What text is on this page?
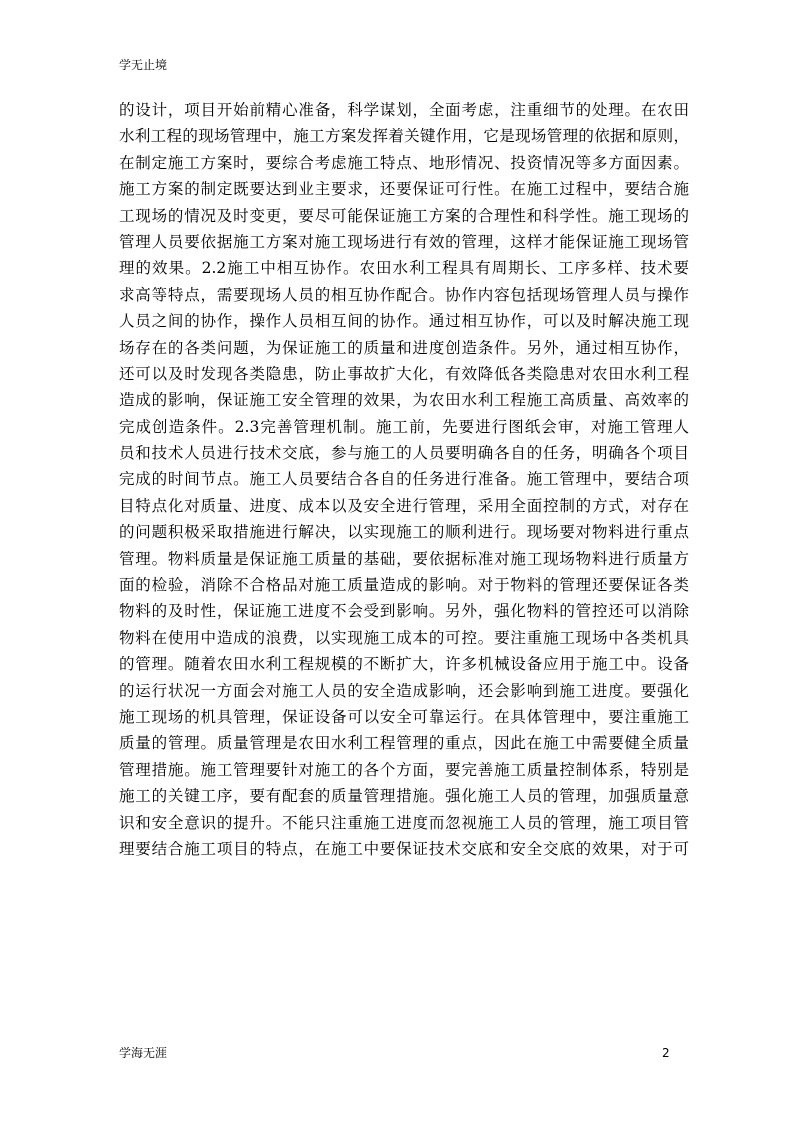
学无止境
的设计，项目开始前精心准备，科学谋划，全面考虑，注重细节的处理。在农田
水利工程的现场管理中，施工方案发挥着关键作用，它是现场管理的依据和原则，
在制定施工方案时，要综合考虑施工特点、地形情况、投资情况等多方面因素。
施工方案的制定既要达到业主要求，还要保证可行性。在施工过程中，要结合施
工现场的情况及时变更，要尽可能保证施工方案的合理性和科学性。施工现场的
管理人员要依据施工方案对施工现场进行有效的管理，这样才能保证施工现场管
理的效果。2.2施工中相互协作。农田水利工程具有周期长、工序多样、技术要
求高等特点，需要现场人员的相互协作配合。协作内容包括现场管理人员与操作
人员之间的协作，操作人员相互间的协作。通过相互协作，可以及时解决施工现
场存在的各类问题，为保证施工的质量和进度创造条件。另外，通过相互协作，
还可以及时发现各类隐患，防止事故扩大化，有效降低各类隐患对农田水利工程
造成的影响，保证施工安全管理的效果，为农田水利工程施工高质量、高效率的
完成创造条件。2.3完善管理机制。施工前，先要进行图纸会审，对施工管理人
员和技术人员进行技术交底，参与施工的人员要明确各自的任务，明确各个项目
完成的时间节点。施工人员要结合各自的任务进行准备。施工管理中，要结合项
目特点化对质量、进度、成本以及安全进行管理，采用全面控制的方式，对存在
的问题积极采取措施进行解决，以实现施工的顺利进行。现场要对物料进行重点
管理。物料质量是保证施工质量的基础，要依据标准对施工现场物料进行质量方
面的检验，消除不合格品对施工质量造成的影响。对于物料的管理还要保证各类
物料的及时性，保证施工进度不会受到影响。另外，强化物料的管控还可以消除
物料在使用中造成的浪费，以实现施工成本的可控。要注重施工现场中各类机具
的管理。随着农田水利工程规模的不断扩大，许多机械设备应用于施工中。设备
的运行状况一方面会对施工人员的安全造成影响，还会影响到施工进度。要强化
施工现场的机具管理，保证设备可以安全可靠运行。在具体管理中，要注重施工
质量的管理。质量管理是农田水利工程管理的重点，因此在施工中需要健全质量
管理措施。施工管理要针对施工的各个方面，要完善施工质量控制体系，特别是
施工的关键工序，要有配套的质量管理措施。强化施工人员的管理，加强质量意
识和安全意识的提升。不能只注重施工进度而忽视施工人员的管理，施工项目管
理要结合施工项目的特点，在施工中要保证技术交底和安全交底的效果，对于可
学海无涯	2
